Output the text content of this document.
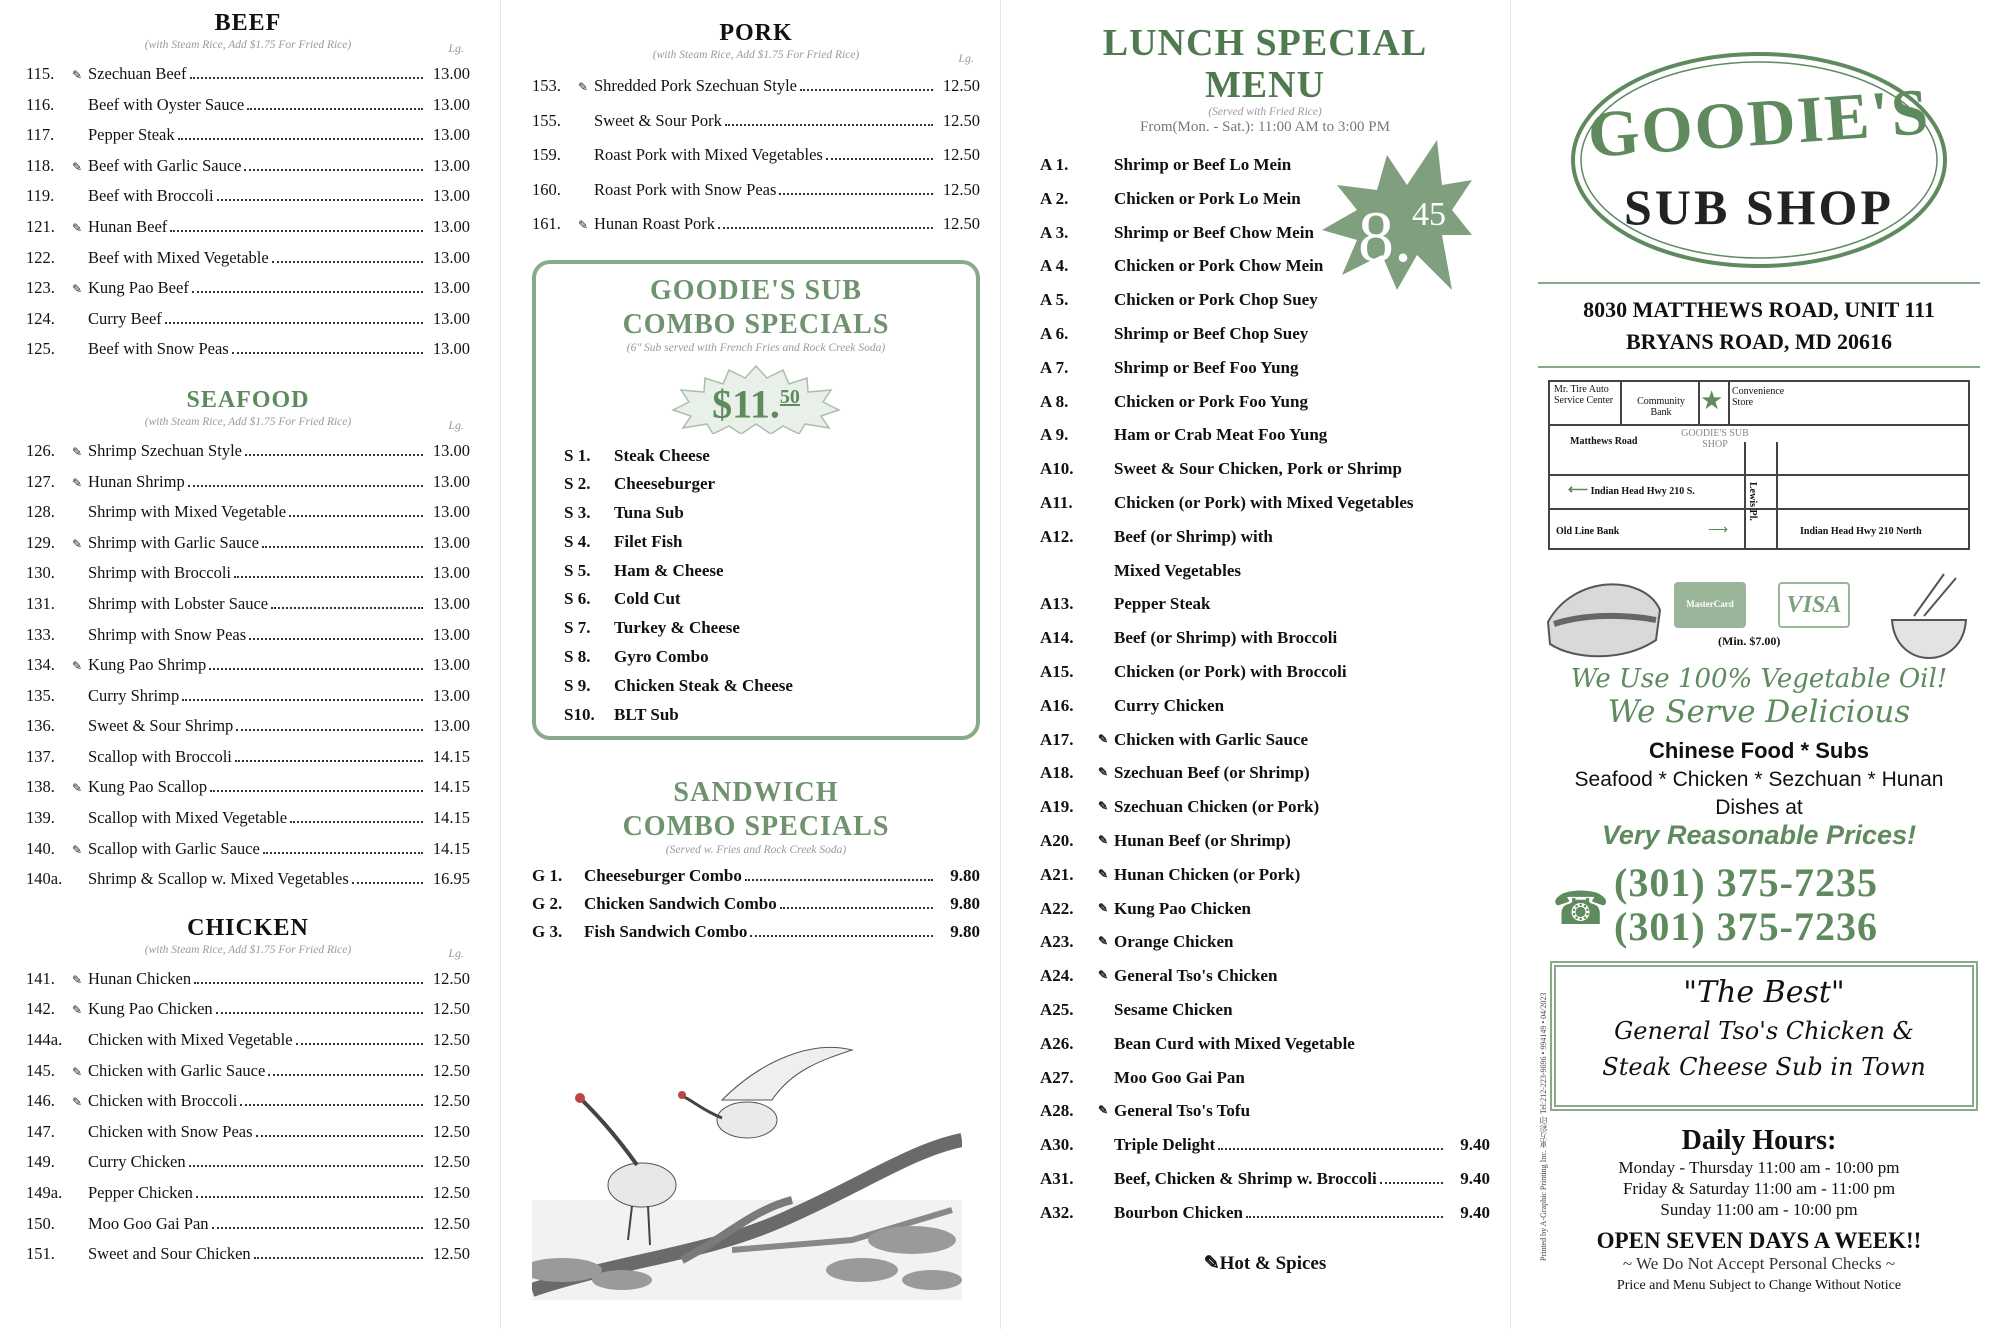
BEEF
(with Steam Rice, Add $1.75 For Fried Rice)	Lg.
115.	✎ Szechuan Beef	13.00
116.	Beef with Oyster Sauce	13.00
117.	Pepper Steak	13.00
118.	✎ Beef with Garlic Sauce	13.00
119.	Beef with Broccoli	13.00
121.	✎ Hunan Beef	13.00
122.	Beef with Mixed Vegetable	13.00
123.	✎ Kung Pao Beef	13.00
124.	Curry Beef	13.00
125.	Beef with Snow Peas	13.00
SEAFOOD
(with Steam Rice, Add $1.75 For Fried Rice)	Lg.
126.	✎ Shrimp Szechuan Style	13.00
127.	✎ Hunan Shrimp	13.00
128.	Shrimp with Mixed Vegetable	13.00
129.	✎ Shrimp with Garlic Sauce	13.00
130.	Shrimp with Broccoli	13.00
131.	Shrimp with Lobster Sauce	13.00
133.	Shrimp with Snow Peas	13.00
134.	✎ Kung Pao Shrimp	13.00
135.	Curry Shrimp	13.00
136.	Sweet & Sour Shrimp	13.00
137.	Scallop with Broccoli	14.15
138.	✎ Kung Pao Scallop	14.15
139.	Scallop with Mixed Vegetable	14.15
140.	✎ Scallop with Garlic Sauce	14.15
140a.	Shrimp & Scallop w. Mixed Vegetables	16.95
CHICKEN
(with Steam Rice, Add $1.75 For Fried Rice)	Lg.
141.	✎ Hunan Chicken	12.50
142.	✎ Kung Pao Chicken	12.50
144a.	Chicken with Mixed Vegetable	12.50
145.	✎ Chicken with Garlic Sauce	12.50
146.	✎ Chicken with Broccoli	12.50
147.	Chicken with Snow Peas	12.50
149.	Curry Chicken	12.50
149a.	Pepper Chicken	12.50
150.	Moo Goo Gai Pan	12.50
151.	Sweet and Sour Chicken	12.50
PORK
(with Steam Rice, Add $1.75 For Fried Rice)	Lg.
153.	✎ Shredded Pork Szechuan Style	12.50
155.	Sweet & Sour Pork	12.50
159.	Roast Pork with Mixed Vegetables	12.50
160.	Roast Pork with Snow Peas	12.50
161.	✎ Hunan Roast Pork	12.50
GOODIE'S SUB
COMBO SPECIALS
(6" Sub served with French Fries and Rock Creek Soda)
$11.50
S 1.	Steak Cheese
S 2.	Cheeseburger
S 3.	Tuna Sub
S 4.	Filet Fish
S 5.	Ham & Cheese
S 6.	Cold Cut
S 7.	Turkey & Cheese
S 8.	Gyro Combo
S 9.	Chicken Steak & Cheese
S10.	BLT Sub
SANDWICH
COMBO SPECIALS
(Served w. Fries and Rock Creek Soda)
G 1.	Cheeseburger Combo	9.80
G 2.	Chicken Sandwich Combo	9.80
G 3.	Fish Sandwich Combo	9.80
LUNCH SPECIAL
MENU
(Served with Fried Rice)
From(Mon. - Sat.): 11:00 AM to 3:00 PM
8.45
A 1.	Shrimp or Beef Lo Mein
A 2.	Chicken or Pork Lo Mein
A 3.	Shrimp or Beef Chow Mein
A 4.	Chicken or Pork Chow Mein
A 5.	Chicken or Pork Chop Suey
A 6.	Shrimp or Beef Chop Suey
A 7.	Shrimp or Beef Foo Yung
A 8.	Chicken or Pork Foo Yung
A 9.	Ham or Crab Meat Foo Yung
A10.	Sweet & Sour Chicken, Pork or Shrimp
A11.	Chicken (or Pork) with Mixed Vegetables
A12.	Beef (or Shrimp) with
Mixed Vegetables
A13.	Pepper Steak
A14.	Beef (or Shrimp) with Broccoli
A15.	Chicken (or Pork) with Broccoli
A16.	Curry Chicken
A17.	✎ Chicken with Garlic Sauce
A18.	✎ Szechuan Beef (or Shrimp)
A19.	✎ Szechuan Chicken (or Pork)
A20.	✎ Hunan Beef (or Shrimp)
A21.	✎ Hunan Chicken (or Pork)
A22.	✎ Kung Pao Chicken
A23.	✎ Orange Chicken
A24.	✎ General Tso's Chicken
A25.	Sesame Chicken
A26.	Bean Curd with Mixed Vegetable
A27.	Moo Goo Gai Pan
A28.	✎ General Tso's Tofu
A30.	Triple Delight	9.40
A31.	Beef, Chicken & Shrimp w. Broccoli	9.40
A32.	Bourbon Chicken	9.40
✎Hot & Spices
GOODIE'S
SUB SHOP
8030 MATTHEWS ROAD, UNIT 111
BRYANS ROAD, MD 20616
Mr. Tire Auto Service Center	Community Bank	★ Convenience Store
Matthews Road
GOODIE'S SUB SHOP
⟵ Indian Head Hwy 210 S.	Lewis Pl.
Old Line Bank	⟶	Indian Head Hwy 210 North
MasterCard	VISA
(Min. $7.00)
We Use 100% Vegetable Oil!
We Serve Delicious
Chinese Food * Subs
Seafood * Chicken * Sezchuan * Hunan
Dishes at
Very Reasonable Prices!
☎
(301) 375-7235
(301) 375-7236
Printed by A-Graphic Printing Inc. 東方彩印 Tel:212-223-9696 • 994149 • 04/2023
"The Best"
General Tso's Chicken &
Steak Cheese Sub in Town
Daily Hours:
Monday - Thursday 11:00 am - 10:00 pm
Friday & Saturday 11:00 am - 11:00 pm
Sunday 11:00 am - 10:00 pm
OPEN SEVEN DAYS A WEEK!!
~ We Do Not Accept Personal Checks ~
Price and Menu Subject to Change Without Notice
